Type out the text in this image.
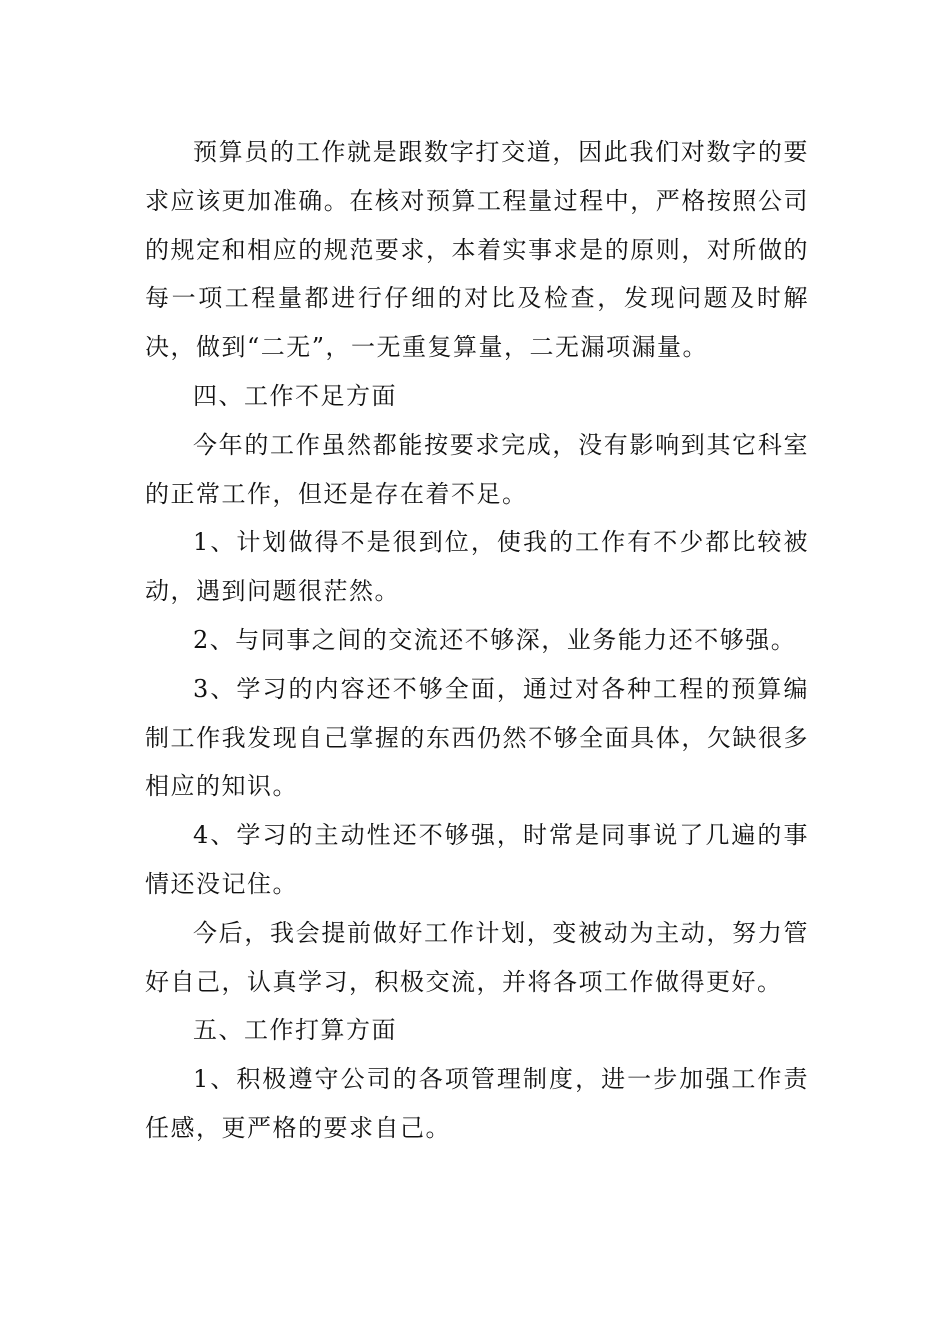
预算员的工作就是跟数字打交道，因此我们对数字的要求应该更加准确。在核对预算工程量过程中，严格按照公司的规定和相应的规范要求，本着实事求是的原则，对所做的每一项工程量都进行仔细的对比及检查，发现问题及时解决，做到“二无”，一无重复算量，二无漏项漏量。

四、工作不足方面

今年的工作虽然都能按要求完成，没有影响到其它科室的正常工作，但还是存在着不足。

1、计划做得不是很到位，使我的工作有不少都比较被动，遇到问题很茫然。

2、与同事之间的交流还不够深，业务能力还不够强。

3、学习的内容还不够全面，通过对各种工程的预算编制工作我发现自己掌握的东西仍然不够全面具体，欠缺很多相应的知识。

4、学习的主动性还不够强，时常是同事说了几遍的事情还没记住。

今后，我会提前做好工作计划，变被动为主动，努力管好自己，认真学习，积极交流，并将各项工作做得更好。

五、工作打算方面

1、积极遵守公司的各项管理制度，进一步加强工作责任感，更严格的要求自己。
